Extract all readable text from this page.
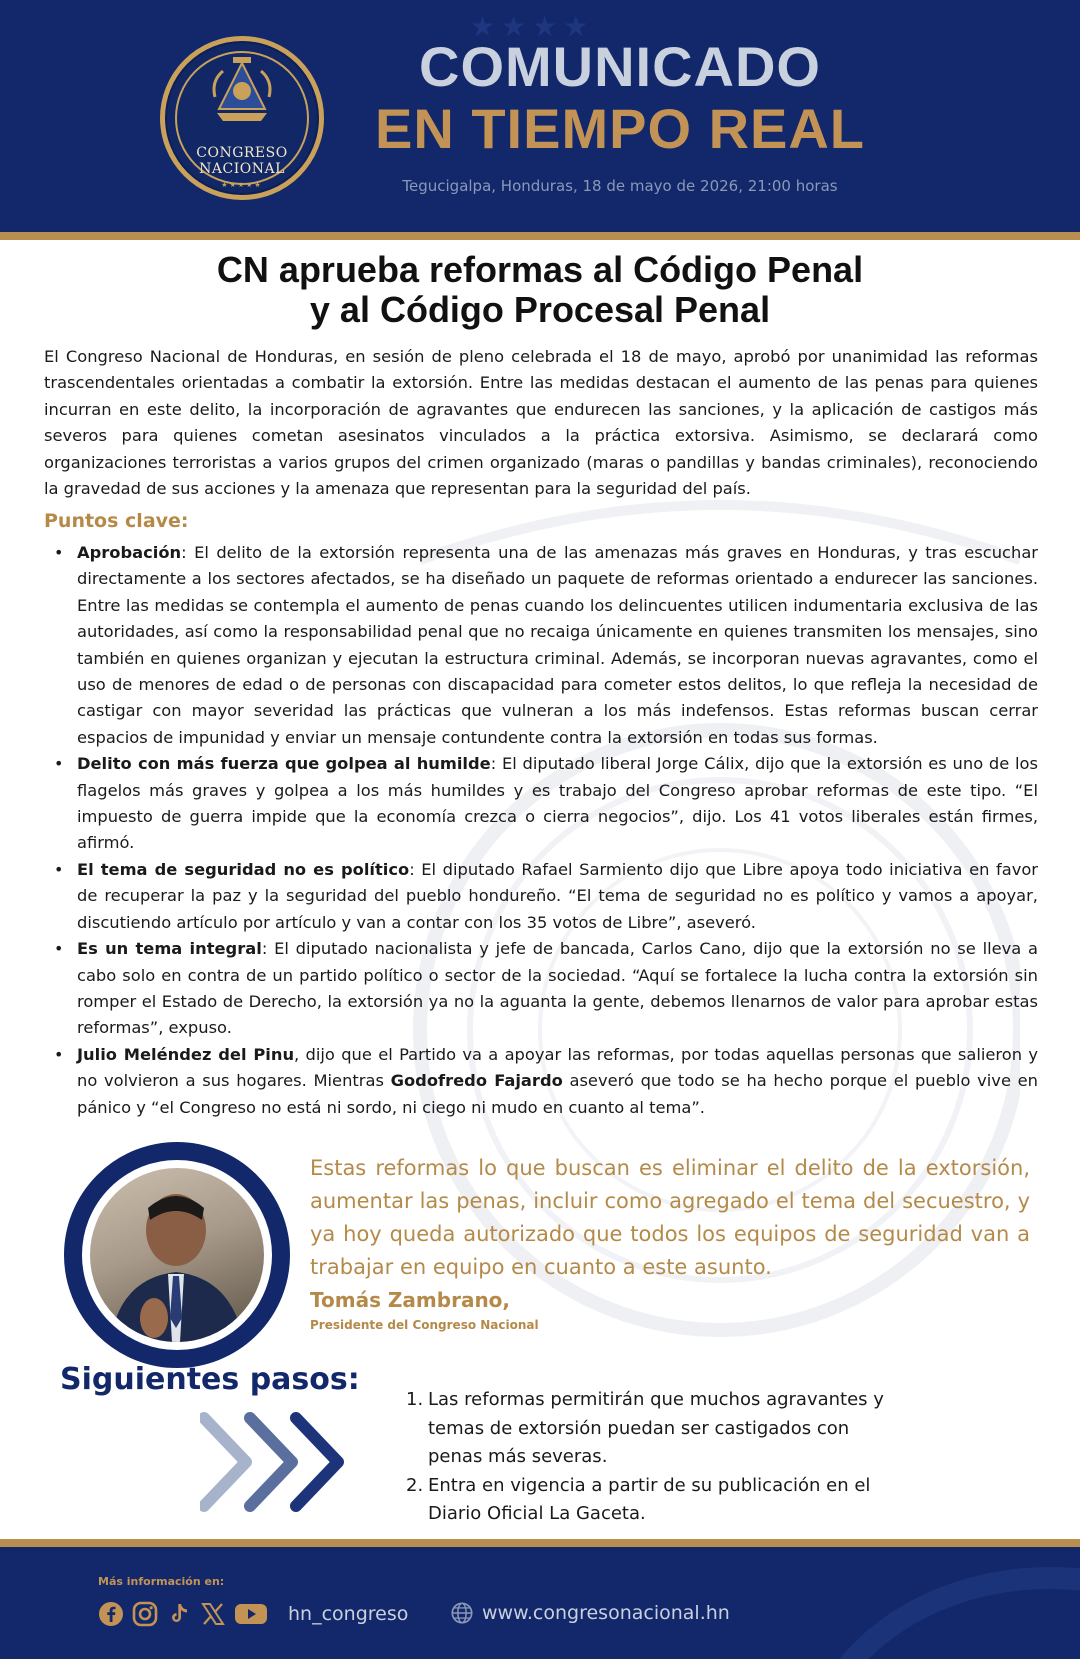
★★★★
CONGRESO
NACIONAL
★★★★★
COMUNICADO
EN TIEMPO REAL
Tegucigalpa, Honduras, 18 de mayo de 2026, 21:00 horas
CN aprueba reformas al Código Penal
y al Código Procesal Penal

El Congreso Nacional de Honduras, en sesión de pleno celebrada el 18 de mayo, aprobó por unanimidad las reformas trascendentales orientadas a combatir la extorsión. Entre las medidas destacan el aumento de las penas para quienes incurran en este delito, la incorporación de agravantes que endurecen las sanciones, y la aplicación de castigos más severos para quienes cometan asesinatos vinculados a la práctica extorsiva. Asimismo, se declarará como organizaciones terroristas a varios grupos del crimen organizado (maras o pandillas y bandas criminales), reconociendo la gravedad de sus acciones y la amenaza que representan para la seguridad del país.

Puntos clave:
• Aprobación: El delito de la extorsión representa una de las amenazas más graves en Honduras, y tras escuchar directamente a los sectores afectados, se ha diseñado un paquete de reformas orientado a endurecer las sanciones. Entre las medidas se contempla el aumento de penas cuando los delincuentes utilicen indumentaria exclusiva de las autoridades, así como la responsabilidad penal que no recaiga únicamente en quienes transmiten los mensajes, sino también en quienes organizan y ejecutan la estructura criminal. Además, se incorporan nuevas agravantes, como el uso de menores de edad o de personas con discapacidad para cometer estos delitos, lo que refleja la necesidad de castigar con mayor severidad las prácticas que vulneran a los más indefensos. Estas reformas buscan cerrar espacios de impunidad y enviar un mensaje contundente contra la extorsión en todas sus formas.
• Delito con más fuerza que golpea al humilde: El diputado liberal Jorge Cálix, dijo que la extorsión es uno de los flagelos más graves y golpea a los más humildes y es trabajo del Congreso aprobar reformas de este tipo. “El impuesto de guerra impide que la economía crezca o cierra negocios”, dijo. Los 41 votos liberales están firmes, afirmó.
• El tema de seguridad no es político: El diputado Rafael Sarmiento dijo que Libre apoya todo iniciativa en favor de recuperar la paz y la seguridad del pueblo hondureño. “El tema de seguridad no es político y vamos a apoyar, discutiendo artículo por artículo y van a contar con los 35 votos de Libre”, aseveró.
• Es un tema integral: El diputado nacionalista y jefe de bancada, Carlos Cano, dijo que la extorsión no se lleva a cabo solo en contra de un partido político o sector de la sociedad. “Aquí se fortalece la lucha contra la extorsión sin romper el Estado de Derecho, la extorsión ya no la aguanta la gente, debemos llenarnos de valor para aprobar estas reformas”, expuso.
• Julio Meléndez del Pinu, dijo que el Partido va a apoyar las reformas, por todas aquellas personas que salieron y no volvieron a sus hogares. Mientras Godofredo Fajardo aseveró que todo se ha hecho porque el pueblo vive en pánico y “el Congreso no está ni sordo, ni ciego ni mudo en cuanto al tema”.

Estas reformas lo que buscan es eliminar el delito de la extorsión, aumentar las penas, incluir como agregado el tema del secuestro, y ya hoy queda autorizado que todos los equipos de seguridad van a trabajar en equipo en cuanto a este asunto.

Tomás Zambrano,
Presidente del Congreso Nacional
Siguientes pasos:
1. Las reformas permitirán que muchos agravantes y temas de extorsión puedan ser castigados con penas más severas.
2. Entra en vigencia a partir de su publicación en el Diario Oficial La Gaceta.
Más información en:
hn_congreso	www.congresonacional.hn
